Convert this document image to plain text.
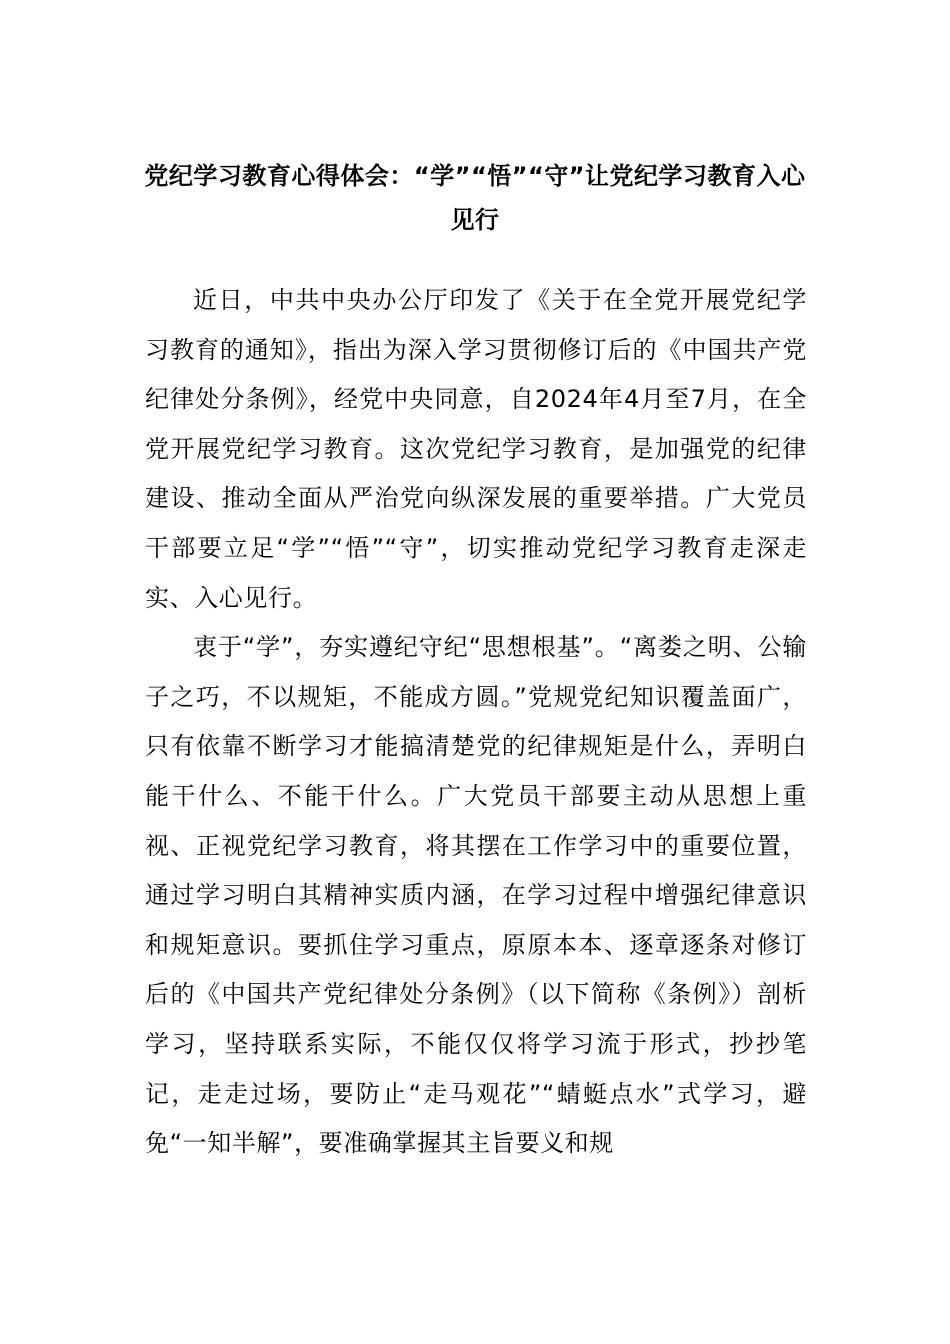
党纪学习教育心得体会：“学”“悟”“守”让党纪学习教育入心见行

近日，中共中央办公厅印发了《关于在全党开展党纪学习教育的通知》，指出为深入学习贯彻修订后的《中国共产党纪律处分条例》，经党中央同意，自2024年4月至7月，在全党开展党纪学习教育。这次党纪学习教育，是加强党的纪律建设、推动全面从严治党向纵深发展的重要举措。广大党员干部要立足“学”“悟”“守”，切实推动党纪学习教育走深走实、入心见行。

衷于“学”，夯实遵纪守纪“思想根基”。“离娄之明、公输子之巧，不以规矩，不能成方圆。”党规党纪知识覆盖面广，只有依靠不断学习才能搞清楚党的纪律规矩是什么，弄明白能干什么、不能干什么。广大党员干部要主动从思想上重视、正视党纪学习教育，将其摆在工作学习中的重要位置，通过学习明白其精神实质内涵，在学习过程中增强纪律意识和规矩意识。要抓住学习重点，原原本本、逐章逐条对修订后的《中国共产党纪律处分条例》（以下简称《条例》）剖析学习，坚持联系实际，不能仅仅将学习流于形式，抄抄笔记，走走过场，要防止“走马观花”“蜻蜓点水”式学习，避免“一知半解”，要准确掌握其主旨要义和规
